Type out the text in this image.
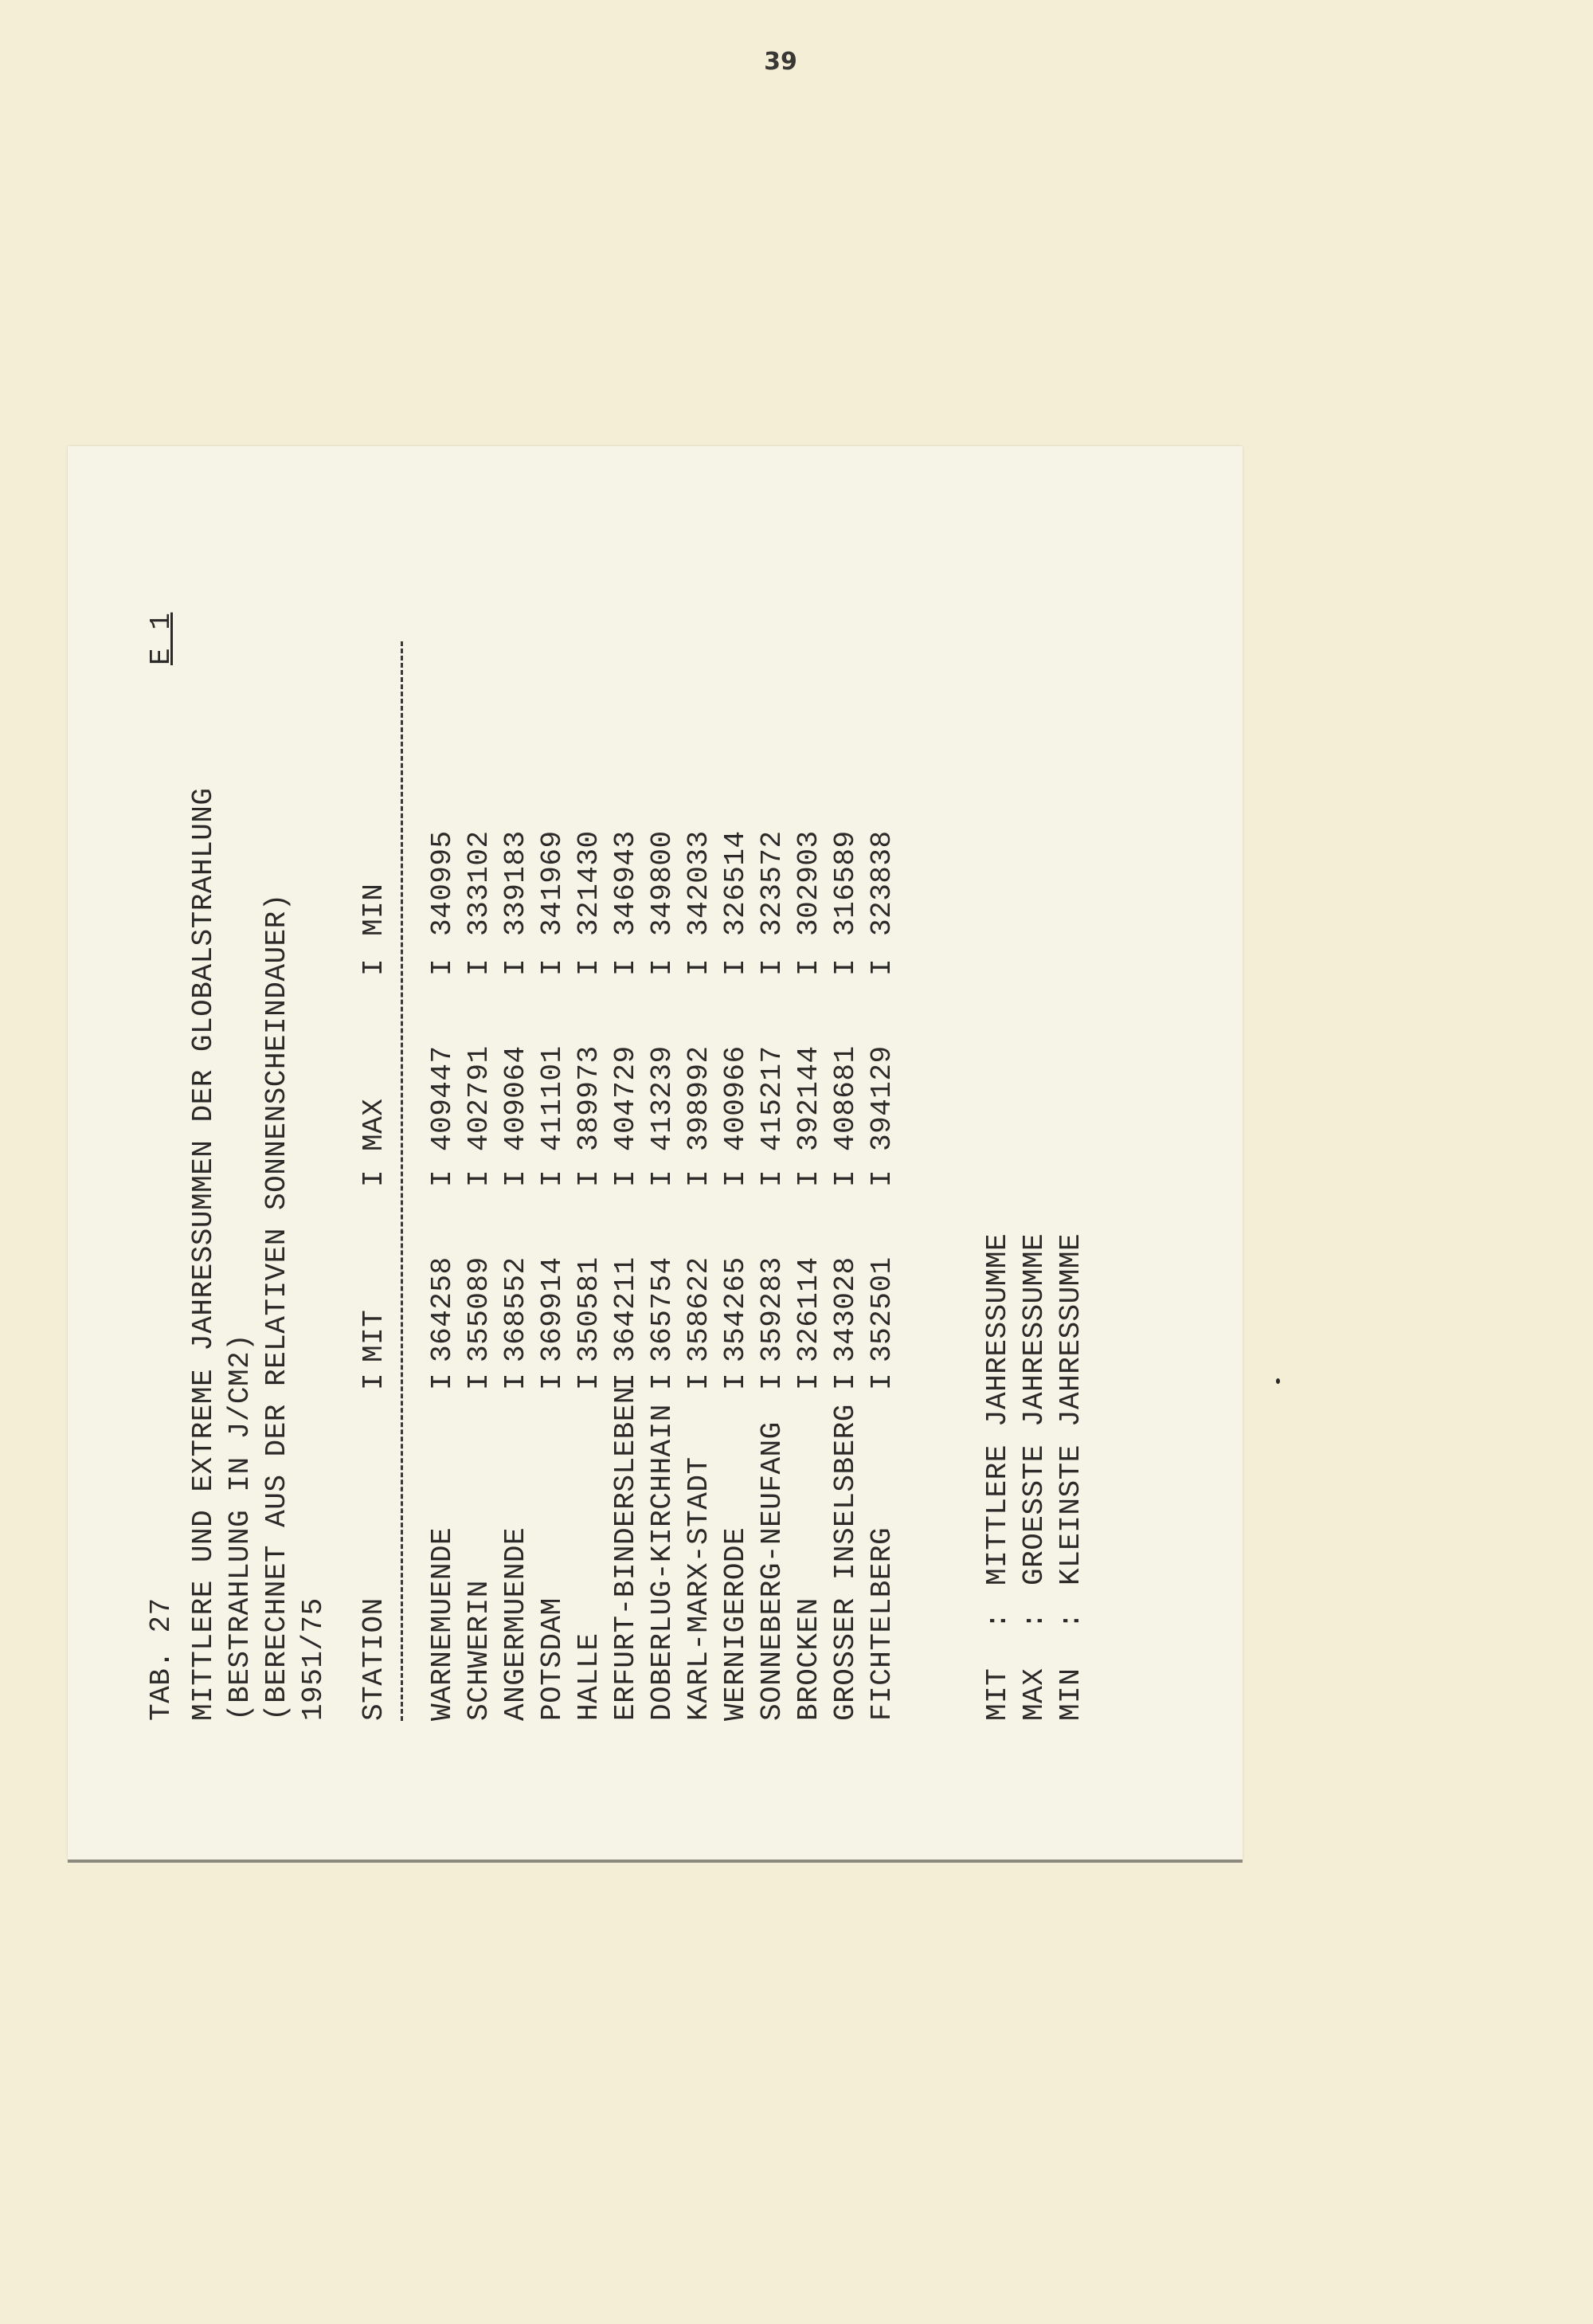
39
TAB. 27
E 1
MITTLERE UND EXTREME JAHRESSUMMEN DER GLOBALSTRAHLUNG (BESTRAHLUNG IN J/CM2) (BERECHNET AUS DER RELATIVEN SONNENSCHEINDAUER) 1951/75 STATION
I
MIT
I
MAX
I
MIN
WARNEMUENDE
I
364258
I
409447
I
340995
SCHWERIN
I
355089
I
402791
I
333102
ANGERMUENDE
I
368552
I
409064
I
339183
POTSDAM
I
369914
I
411101
I
341969
HALLE
I
350581
I
389973
I
321430
ERFURT-BINDERSLEBEN
I
364211
I
404729
I
346943
DOBERLUG-KIRCHHAIN
I
365754
I
413239
I
349800
KARL-MARX-STADT
I
358622
I
398992
I
342033
WERNIGERODE
I
354265
I
400966
I
326514
SONNEBERG-NEUFANG
I
359283
I
415217
I
323572
BROCKEN
I
326114
I
392144
I
302903
GROSSER INSELSBERG
I
343028
I
408681
I
316589
FICHTELBERG
I
352501
I
394129
I
323838
MIT
:
MITTLERE JAHRESSUMME
MAX
:
GROESSTE JAHRESSUMME
MIN
:
KLEINSTE JAHRESSUMME
